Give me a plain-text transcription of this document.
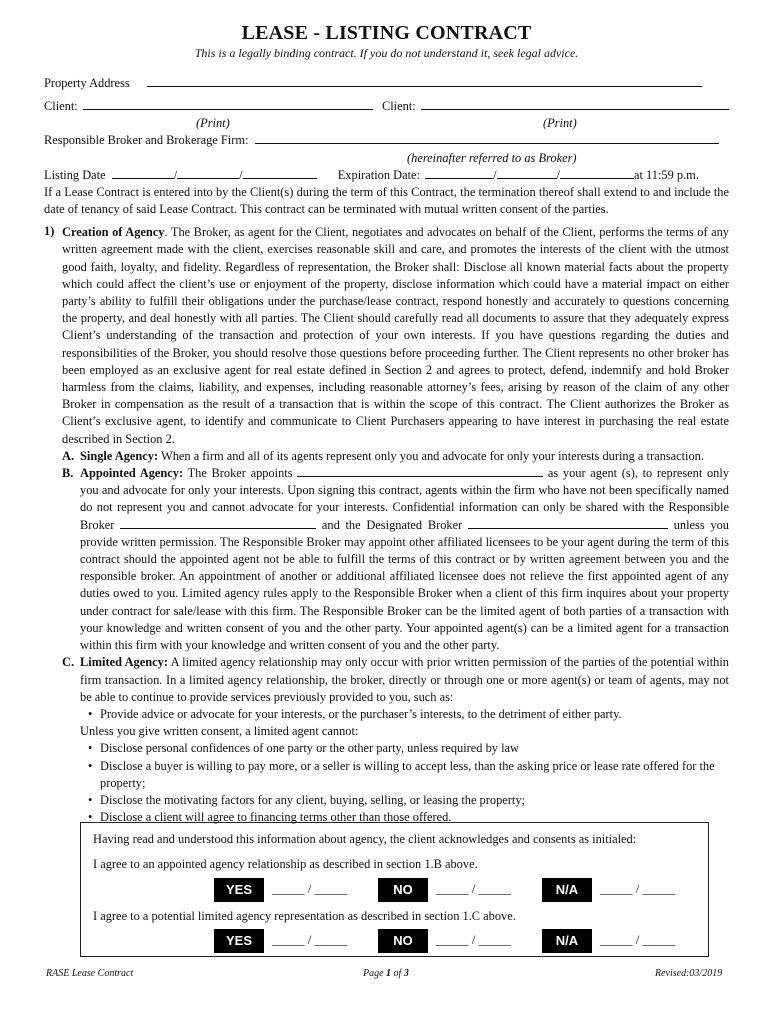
LEASE - LISTING CONTRACT
This is a legally binding contract. If you do not understand it, seek legal advice.
Property Address
Client:	Client:
(Print)	(Print)
Responsible Broker and Brokerage Firm:
(hereinafter referred to as Broker)
Listing Date	/	/	Expiration Date:	/	/	at 11:59 p.m.
If a Lease Contract is entered into by the Client(s) during the term of this Contract, the termination thereof shall extend to and include the date of tenancy of said Lease Contract. This contract can be terminated with mutual written consent of the parties.
1) Creation of Agency. The Broker, as agent for the Client, negotiates and advocates on behalf of the Client, performs the terms of any written agreement made with the client, exercises reasonable skill and care, and promotes the interests of the client with the utmost good faith, loyalty, and fidelity. Regardless of representation, the Broker shall: Disclose all known material facts about the property which could affect the client’s use or enjoyment of the property, disclose information which could have a material impact on either party’s ability to fulfill their obligations under the purchase/lease contract, respond honestly and accurately to questions concerning the property, and deal honestly with all parties. The Client should carefully read all documents to assure that they adequately express Client’s understanding of the transaction and protection of your own interests. If you have questions regarding the duties and responsibilities of the Broker, you should resolve those questions before proceeding further. The Client represents no other broker has been employed as an exclusive agent for real estate defined in Section 2 and agrees to protect, defend, indemnify and hold Broker harmless from the claims, liability, and expenses, including reasonable attorney’s fees, arising by reason of the claim of any other Broker in compensation as the result of a transaction that is within the scope of this contract. The Client authorizes the Broker as Client’s exclusive agent, to identify and communicate to Client Purchasers appearing to have interest in purchasing the real estate described in Section 2.
A. Single Agency: When a firm and all of its agents represent only you and advocate for only your interests during a transaction.
B. Appointed Agency: The Broker appoints	as your agent (s), to represent only you and advocate for only your interests. Upon signing this contract, agents within the firm who have not been specifically named do not represent you and cannot advocate for your interests. Confidential information can only be shared with the Responsible Broker	and the Designated Broker	unless you provide written permission. The Responsible Broker may appoint other affiliated licensees to be your agent during the term of this contract should the appointed agent not be able to fulfill the terms of this contract or by written agreement between you and the responsible broker. An appointment of another or additional affiliated licensee does not relieve the first appointed agent of any duties owed to you. Limited agency rules apply to the Responsible Broker when a client of this firm inquires about your property under contract for sale/lease with this firm. The Responsible Broker can be the limited agent of both parties of a transaction with your knowledge and written consent of you and the other party. Your appointed agent(s) can be a limited agent for a transaction within this firm with your knowledge and written consent of you and the other party.
C. Limited Agency: A limited agency relationship may only occur with prior written permission of the parties of the potential within firm transaction. In a limited agency relationship, the broker, directly or through one or more agent(s) or team of agents, may not be able to continue to provide services previously provided to you, such as:
• Provide advice or advocate for your interests, or the purchaser’s interests, to the detriment of either party.
Unless you give written consent, a limited agent cannot:
• Disclose personal confidences of one party or the other party, unless required by law
• Disclose a buyer is willing to pay more, or a seller is willing to accept less, than the asking price or lease rate offered for the property;
• Disclose the motivating factors for any client, buying, selling, or leasing the property;
• Disclose a client will agree to financing terms other than those offered.
Having read and understood this information about agency, the client acknowledges and consents as initialed:
I agree to an appointed agency relationship as described in section 1.B above.
YES	_____ / _____	NO	_____ / _____	N/A	_____ / _____
I agree to a potential limited agency representation as described in section 1.C above.
YES	_____ / _____	NO	_____ / _____	N/A	_____ / _____
RASE Lease Contract	Page 1 of 3	Revised:03/2019
